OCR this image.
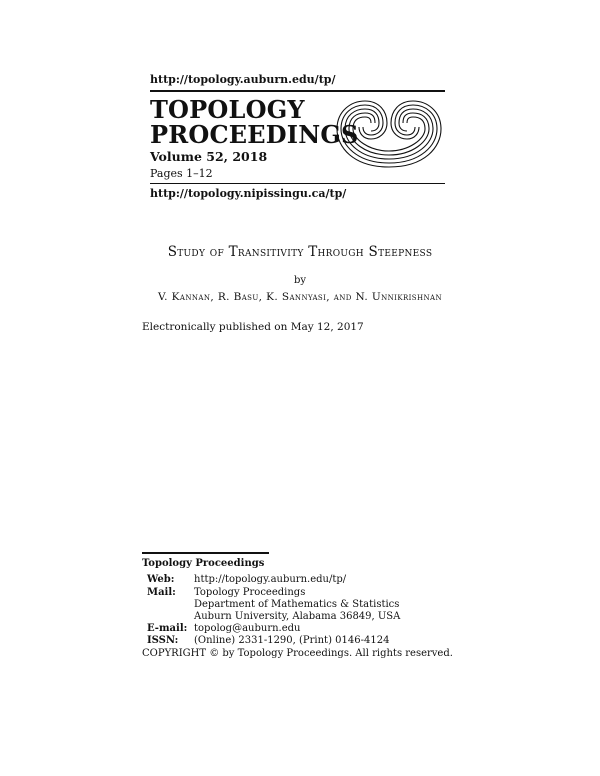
http://topology.auburn.edu/tp/
TOPOLOGY
PROCEEDINGS
Volume 52, 2018
Pages 1–12
http://topology.nipissingu.ca/tp/
Study of Transitivity Through Steepness
by
V. Kannan, R. Basu, K. Sannyasi, and N. Unnikrishnan
Electronically published on May 12, 2017
Topology Proceedings
Web: http://topology.auburn.edu/tp/
Mail: Topology Proceedings
Department of Mathematics & Statistics
Auburn University, Alabama 36849, USA
E-mail: topolog@auburn.edu
ISSN: (Online) 2331-1290, (Print) 0146-4124
COPYRIGHT © by Topology Proceedings. All rights reserved.
